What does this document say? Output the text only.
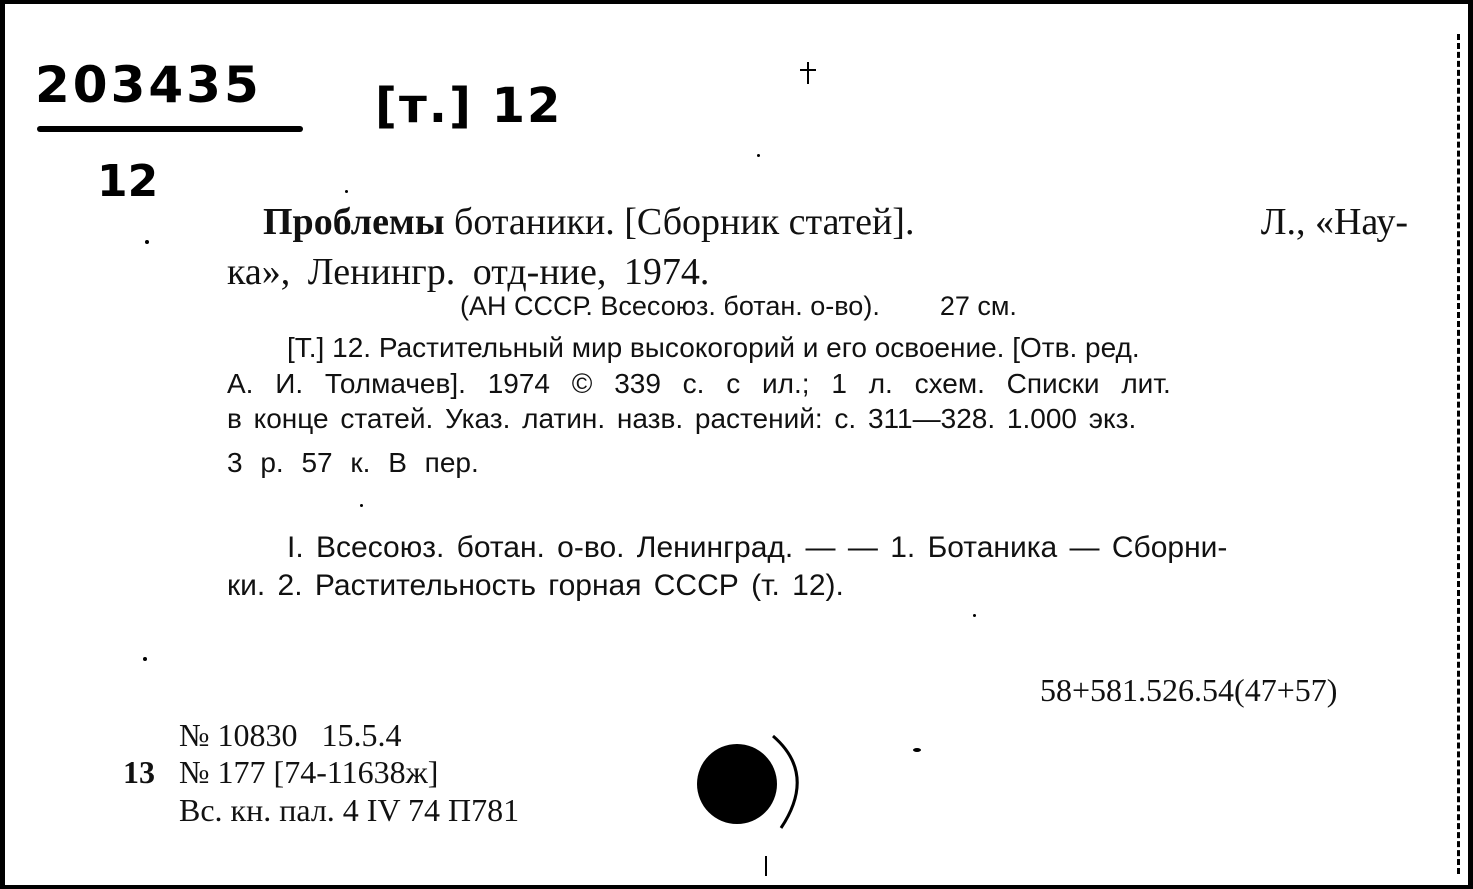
203435 [т.] 12
12
Проблемы ботаники. [Сборник статей].	Л., «Нау-
ка», Ленингр. отд-ние, 1974.
(АН СССР. Всесоюз. ботан. о-во). 27 см.
[Т.] 12. Растительный мир высокогорий и его освоение. [Отв. ред.
А. И. Толмачев]. 1974 © 339 с. с ил.; 1 л. схем. Списки лит.
в конце статей. Указ. латин. назв. растений: с. 311—328. 1.000 экз.
3 р. 57 к. В пер.
I. Всесоюз. ботан. о-во. Ленинград. — — 1. Ботаника — Сборни-
ки. 2. Растительность горная СССР (т. 12).
58+581.526.54(47+57)
№ 10830   15.5.4
13 № 177 [74-11638ж]
Вс. кн. пал. 4 IV 74 П781
